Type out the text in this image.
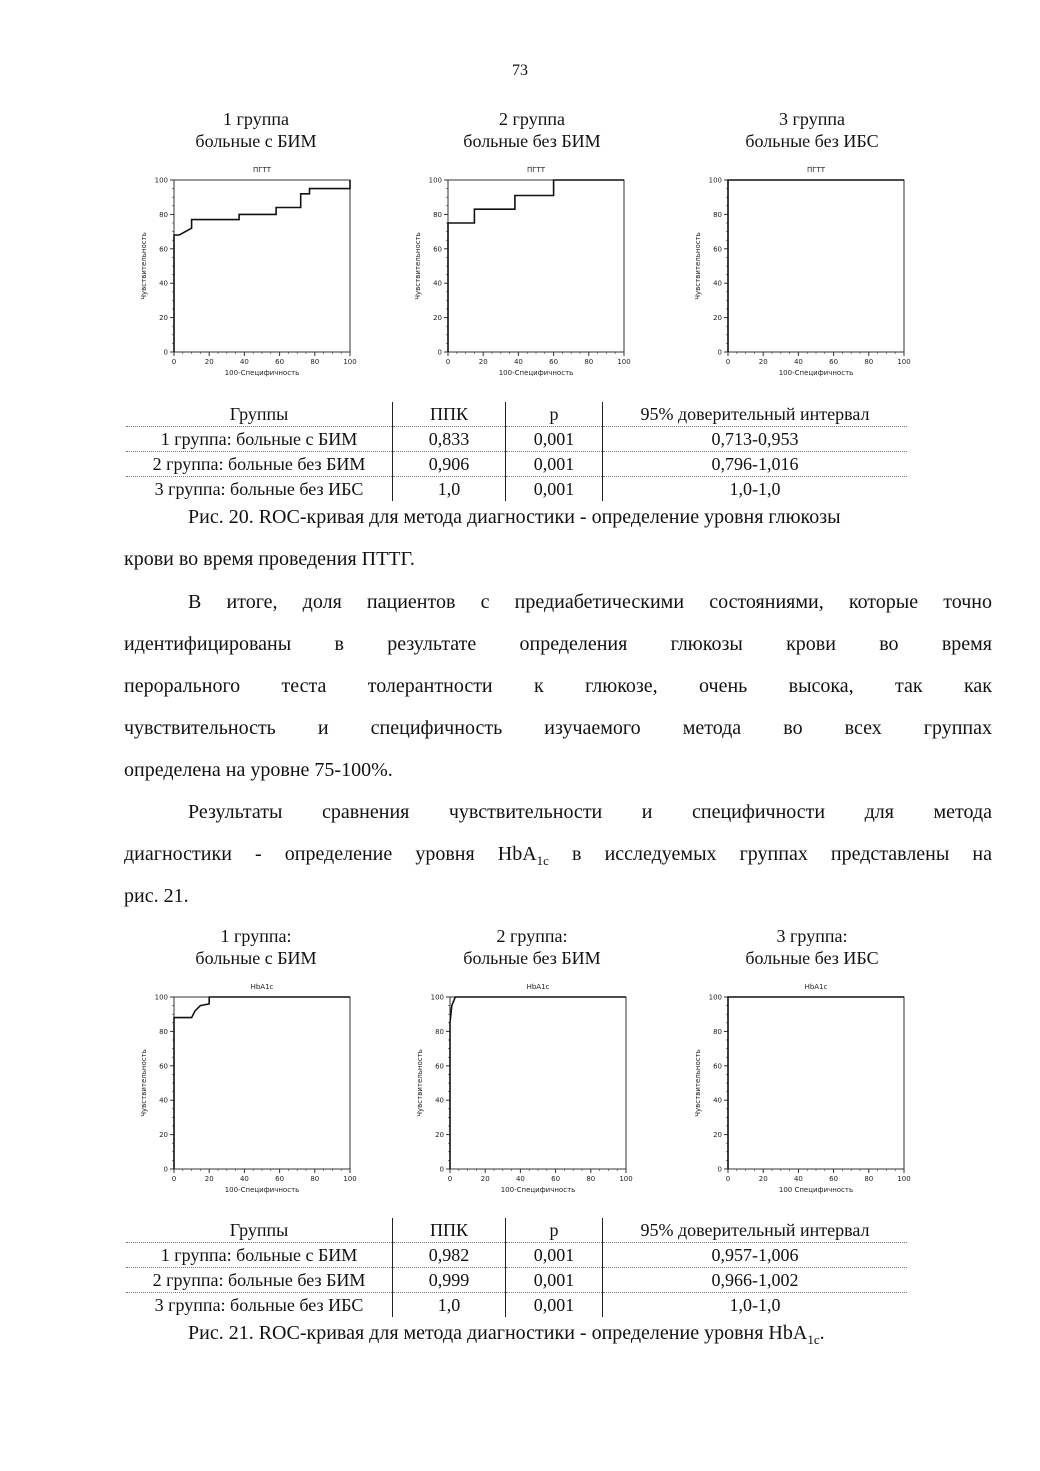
73
1 группа
больные с БИМ
2 группа
больные без БИМ
3 группа
больные без ИБС
ПГТТ
0
20
40
60
80
100
0	20	40	60	80	100
100-Специфичность
Чувствительность
ПГТТ
0
20
40
60
80
100
0	20	40	60	80	100
100-Специфичность
Чувствительность
ПГТТ
0
20
40
60
80
100
0	20	40	60	80	100
100-Специфичность
Чувствительность
Группы	ППК	p	95% доверительный интервал
1 группа: больные с БИМ	0,833	0,001	0,713-0,953
2 группа: больные без БИМ	0,906	0,001	0,796-1,016
3 группа: больные без ИБС	1,0	0,001	1,0-1,0
Рис. 20. ROC-кривая для метода диагностики - определение уровня глюкозы
крови во время проведения ПТТГ.
В итоге, доля пациентов с предиабетическими состояниями, которые точно
идентифицированы в результате определения глюкозы крови во время
перорального теста толерантности к глюкозе, очень высока, так как
чувствительность и специфичность изучаемого метода во всех группах
определена на уровне 75-100%.
Результаты сравнения чувствительности и специфичности для метода
диагностики - определение уровня HbA$_{1c}$ в исследуемых группах представлены на
рис. 21.
1 группа:
больные с БИМ
2 группа:
больные без БИМ
3 группа:
больные без ИБС
HbA1c
0
20
40
60
80
100
0	20	40	60	80	100
100-Специфичность
Чувствительность
HbA1c
0
20
40
60
80
100
0	20	40	60	80	100
100-Специфичность
Чувствительность
HbA1c
0
20
40
60
80
100
0	20	40	60	80	100
100 Специфичность
Чувствительность
Группы	ППК	p	95% доверительный интервал
1 группа: больные с БИМ	0,982	0,001	0,957-1,006
2 группа: больные без БИМ	0,999	0,001	0,966-1,002
3 группа: больные без ИБС	1,0	0,001	1,0-1,0
Рис. 21. ROC-кривая для метода диагностики - определение уровня HbA$_{1c}$.
